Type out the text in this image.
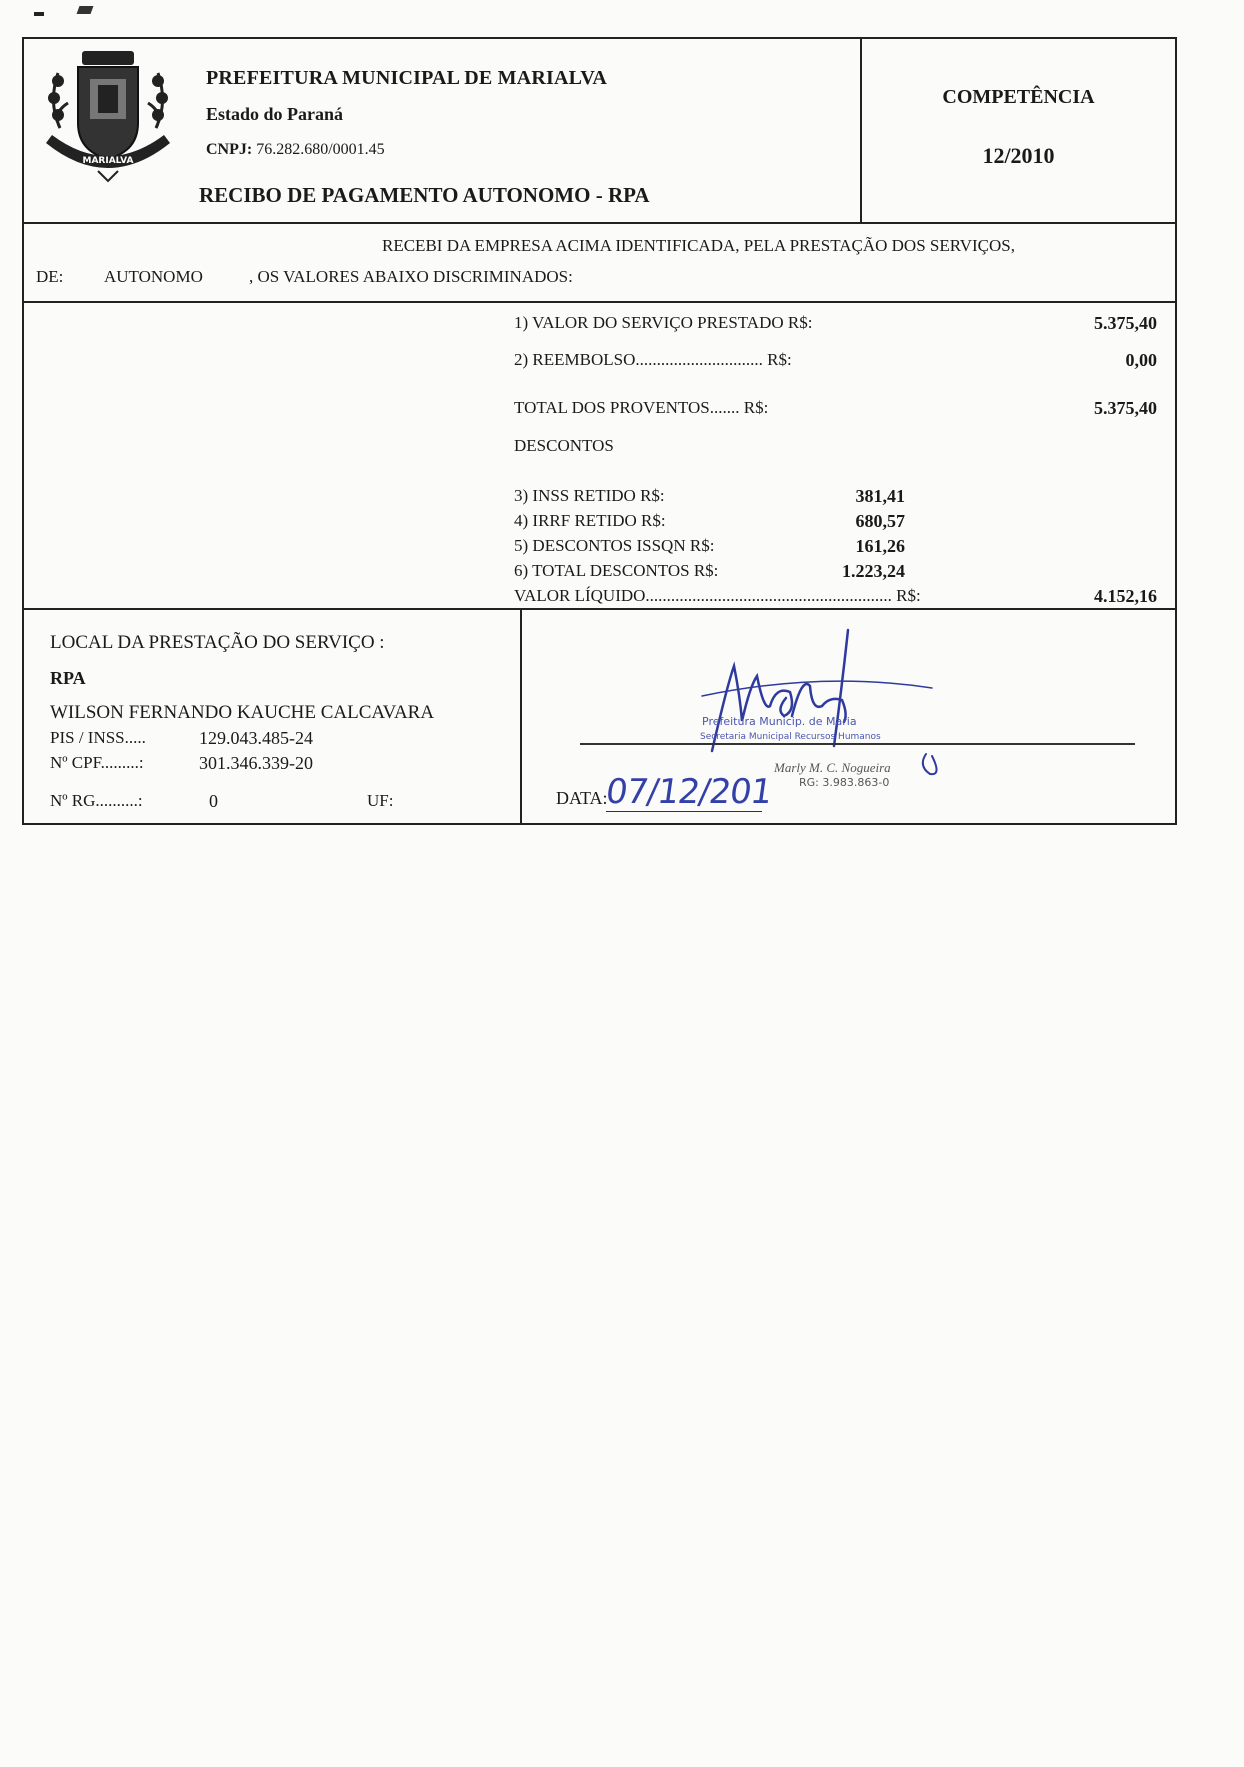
MARIALVA
PREFEITURA MUNICIPAL DE MARIALVA
Estado do Paraná
CNPJ: 76.282.680/0001.45
RECIBO DE PAGAMENTO AUTONOMO - RPA
COMPETÊNCIA
12/2010
RECEBI DA EMPRESA ACIMA IDENTIFICADA, PELA PRESTAÇÃO DOS SERVIÇOS,
DE: AUTONOMO	, OS VALORES ABAIXO DISCRIMINADOS:
1) VALOR DO SERVIÇO PRESTADO R$:	5.375,40
2) REEMBOLSO.............................. R$:	0,00
TOTAL DOS PROVENTOS....... R$:	5.375,40
DESCONTOS
3) INSS RETIDO R$:	381,41
4) IRRF RETIDO R$:	680,57
5) DESCONTOS ISSQN R$:	161,26
6) TOTAL DESCONTOS R$:	1.223,24
VALOR LÍQUIDO.......................................................... R$:	4.152,16
LOCAL DA PRESTAÇÃO DO SERVIÇO :
RPA
WILSON FERNANDO KAUCHE CALCAVARA
PIS / INSS.....	129.043.485-24
Nº CPF.........:	301.346.339-20
Nº RG..........:	0	UF:
Prefeitura Municip. de Maria
Secretaria Municipal Recursos Humanos
Marly M. C. Nogueira
RG: 3.983.863-0
DATA:
07/12/201
